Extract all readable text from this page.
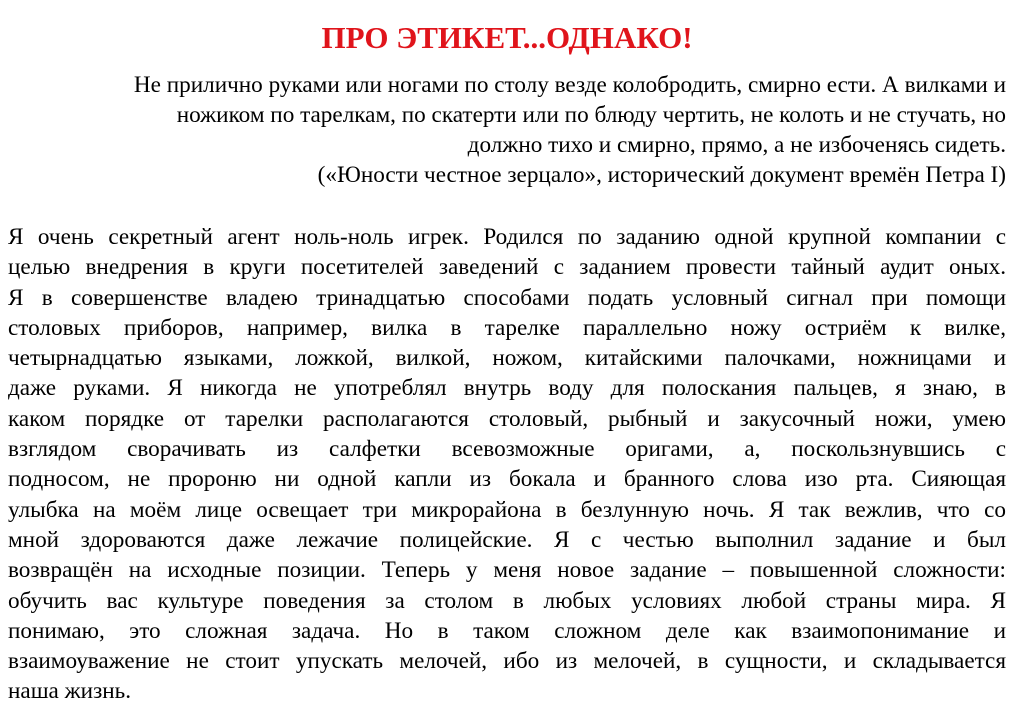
ПРО ЭТИКЕТ...ОДНАКО!
Не прилично руками или ногами по столу везде колобродить, смирно ести. А вилками и
ножиком по тарелкам, по скатерти или по блюду чертить, не колоть и не стучать, но
должно тихо и смирно, прямо, а не избоченясь сидеть.
(«Юности честное зерцало», исторический документ времён Петра I)
Я очень секретный агент ноль-ноль игрек. Родился по заданию одной крупной компании с
целью внедрения в круги посетителей заведений с заданием провести тайный аудит оных.
Я в совершенстве владею тринадцатью способами подать условный сигнал при помощи
столовых приборов, например, вилка в тарелке параллельно ножу остриём к вилке,
четырнадцатью языками, ложкой, вилкой, ножом, китайскими палочками, ножницами и
даже руками. Я никогда не употреблял внутрь воду для полоскания пальцев, я знаю, в
каком порядке от тарелки располагаются столовый, рыбный и закусочный ножи, умею
взглядом сворачивать из салфетки всевозможные оригами, а, поскользнувшись с
подносом, не пророню ни одной капли из бокала и бранного слова изо рта. Сияющая
улыбка на моём лице освещает три микрорайона в безлунную ночь. Я так вежлив, что со
мной здороваются даже лежачие полицейские. Я с честью выполнил задание и был
возвращён на исходные позиции. Теперь у меня новое задание – повышенной сложности:
обучить вас культуре поведения за столом в любых условиях любой страны мира. Я
понимаю, это сложная задача. Но в таком сложном деле как взаимопонимание и
взаимоуважение не стоит упускать мелочей, ибо из мелочей, в сущности, и складывается
наша жизнь.
